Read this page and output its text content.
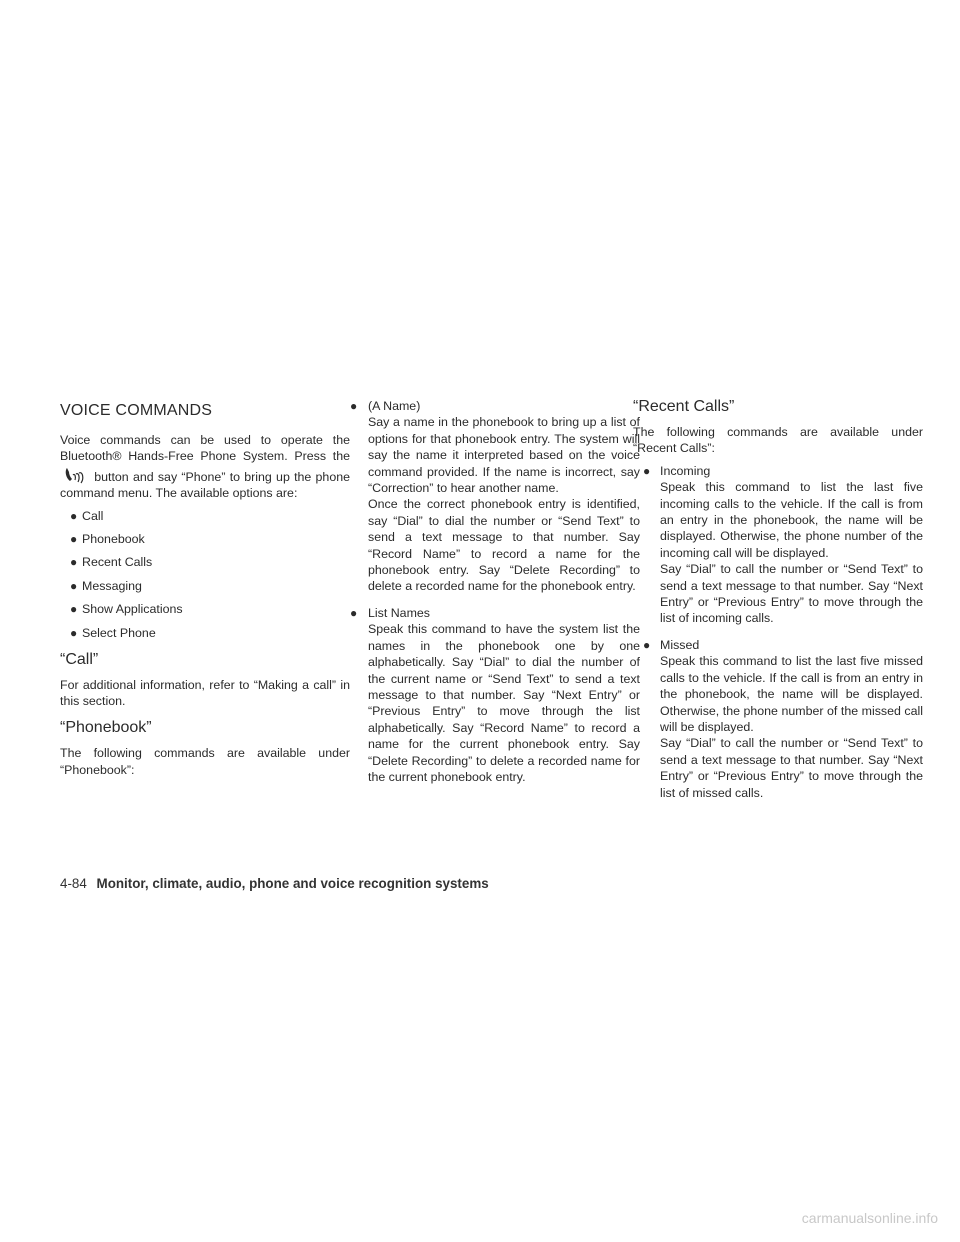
VOICE COMMANDS

Voice commands can be used to operate the Bluetooth® Hands-Free Phone System. Press the  button and say “Phone” to bring up the phone command menu. The available options are:

● Call
● Phonebook
● Recent Calls
● Messaging
● Show Applications
● Select Phone
“Call”

For additional information, refer to “Making a call” in this section.

“Phonebook”

The following commands are available under “Phonebook”:

● (A Name)

Say a name in the phonebook to bring up a list of options for that phonebook entry. The system will say the name it interpreted based on the voice command provided. If the name is incorrect, say “Correction” to hear another name.

Once the correct phonebook entry is identified, say “Dial” to dial the number or “Send Text” to send a text message to that number. Say “Record Name” to record a name for the phonebook entry. Say “Delete Recording” to delete a recorded name for the phonebook entry.

● List Names

Speak this command to have the system list the names in the phonebook one by one alphabetically. Say “Dial” to dial the number of the current name or “Send Text” to send a text message to that number. Say “Next Entry” or “Previous Entry” to move through the list alphabetically. Say “Record Name” to record a name for the current phonebook entry. Say “Delete Recording” to delete a recorded name for the current phonebook entry.

“Recent Calls”

The following commands are available under “Recent Calls”:

● Incoming

Speak this command to list the last five incoming calls to the vehicle. If the call is from an entry in the phonebook, the name will be displayed. Otherwise, the phone number of the incoming call will be displayed.

Say “Dial” to call the number or “Send Text” to send a text message to that number. Say “Next Entry” or “Previous Entry” to move through the list of incoming calls.

● Missed

Speak this command to list the last five missed calls to the vehicle. If the call is from an entry in the phonebook, the name will be displayed. Otherwise, the phone number of the missed call will be displayed.

Say “Dial” to call the number or “Send Text” to send a text message to that number. Say “Next Entry” or “Previous Entry” to move through the list of missed calls.

4-84 Monitor, climate, audio, phone and voice recognition systems
carmanualsonline.info
